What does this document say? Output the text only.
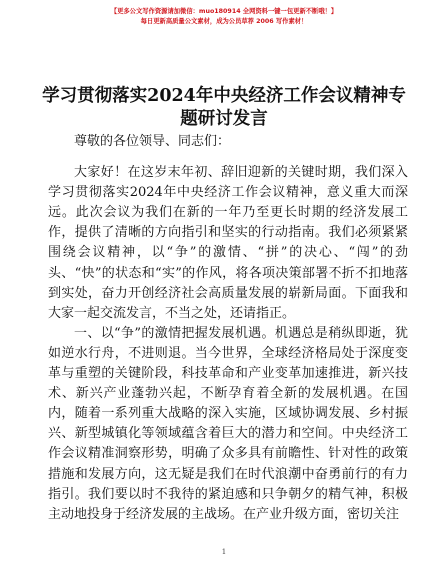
【更多公文写作资源请加微信：muo180914 全网资料一键一包更新不断哦！】
每日更新高质量公文素材，成为公员草荐 2006 写作素材！
学习贯彻落实2024年中央经济工作会议精神专
题研讨发言

尊敬的各位领导、同志们：

大家好！在这岁末年初、辞旧迎新的关键时期，我们深入学习贯彻落实2024年中央经济工作会议精神，意义重大而深远。此次会议为我们在新的一年乃至更长时期的经济发展工作，提供了清晰的方向指引和坚实的行动指南。我们必须紧紧围绕会议精神，以“争”的激情、“拼”的决心、“闯”的劲头、“快”的状态和“实”的作风，将各项决策部署不折不扣地落到实处，奋力开创经济社会高质量发展的崭新局面。下面我和大家一起交流发言，不当之处，还请指正。

一、以“争”的激情把握发展机遇。机遇总是稍纵即逝，犹如逆水行舟，不进则退。当今世界，全球经济格局处于深度变革与重塑的关键阶段，科技革命和产业变革加速推进，新兴技术、新兴产业蓬勃兴起，不断孕育着全新的发展机遇。在国内，随着一系列重大战略的深入实施，区域协调发展、乡村振兴、新型城镇化等领域蕴含着巨大的潜力和空间。中央经济工作会议精准洞察形势，明确了众多具有前瞻性、针对性的政策措施和发展方向，这无疑是我们在时代浪潮中奋勇前行的有力指引。我们要以时不我待的紧迫感和只争朝夕的精气神，积极主动地投身于经济发展的主战场。在产业升级方面，密切关注

1
